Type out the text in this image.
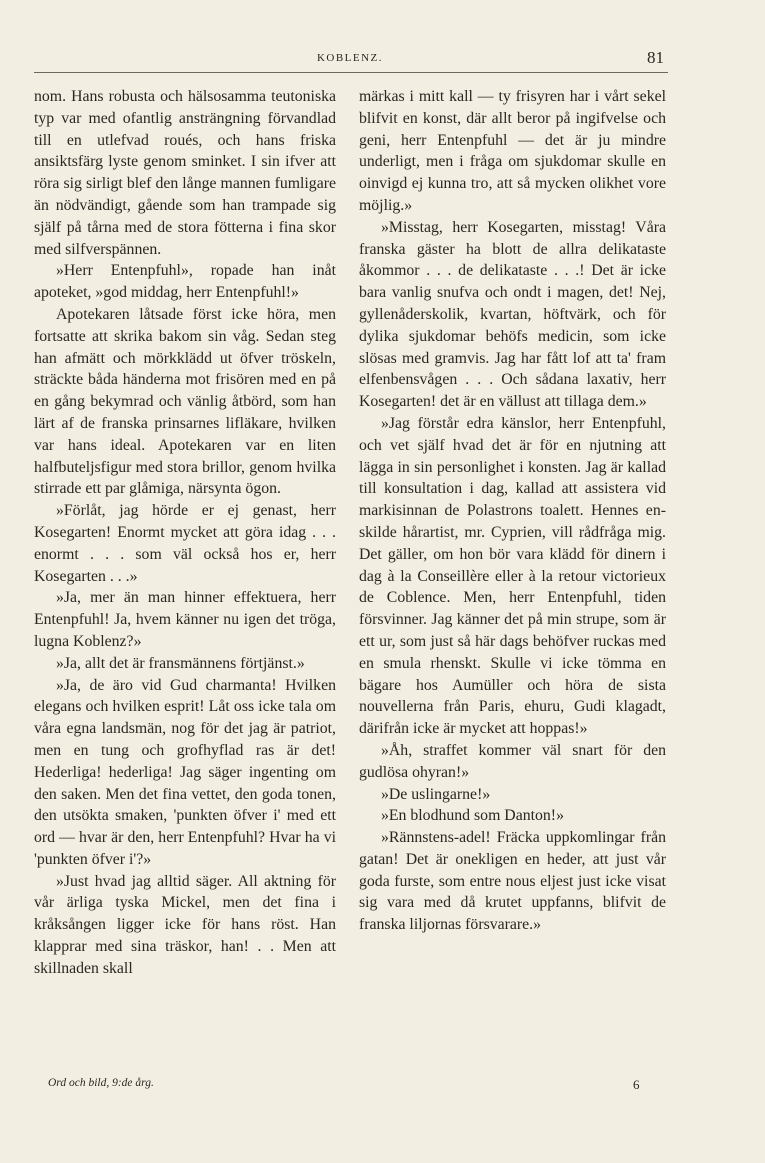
KOBLENZ.	81

nom. Hans robusta och hälsosamma teutoniska typ var med ofantlig ansträngning förvandlad till en utlefvad roués, och hans friska ansiktsfärg lyste genom sminket. I sin ifver att röra sig sirligt blef den långe mannen fumligare än nödvändigt, gående som han trampade sig själf på tårna med de stora fötterna i fina skor med silfverspännen.

»Herr Entenpfuhl», ropade han inåt apoteket, »god middag, herr Entenpfuhl!»

Apotekaren låtsade först icke höra, men fortsatte att skrika bakom sin våg. Sedan steg han afmätt och mörkklädd ut öfver tröskeln, sträckte båda händerna mot frisören med en på en gång bekymrad och vänlig åtbörd, som han lärt af de franska prinsarnes lifläkare, hvilken var hans ideal. Apotekaren var en liten halfbuteljsfigur med stora brillor, genom hvilka stirrade ett par glåmiga, närsynta ögon.

»Förlåt, jag hörde er ej genast, herr Kosegarten! Enormt mycket att göra idag . . . enormt . . . som väl också hos er, herr Kosegarten . . .»

»Ja, mer än man hinner effektuera, herr Entenpfuhl! Ja, hvem känner nu igen det tröga, lugna Koblenz?»

»Ja, allt det är fransmännens förtjänst.»

»Ja, de äro vid Gud charmanta! Hvilken elegans och hvilken esprit! Låt oss icke tala om våra egna landsmän, nog för det jag är patriot, men en tung och grofhyflad ras är det! Hederliga! hederliga! Jag säger ingenting om den saken. Men det fina vettet, den goda tonen, den utsökta smaken, 'punkten öfver i' med ett ord — hvar är den, herr Entenpfuhl? Hvar ha vi 'punkten öfver i'?»

»Just hvad jag alltid säger. All aktning för vår ärliga tyska Mickel, men det fina i kråksången ligger icke för hans röst. Han klapprar med sina träskor, han! . . Men att skillnaden skall

märkas i mitt kall — ty frisyren har i vårt sekel blifvit en konst, där allt beror på ingifvelse och geni, herr Entenpfuhl — det är ju mindre underligt, men i fråga om sjukdomar skulle en oinvigd ej kunna tro, att så mycken olikhet vore möjlig.»

»Misstag, herr Kosegarten, misstag! Våra franska gäster ha blott de allra delikataste åkommor . . . de delikataste . . .! Det är icke bara vanlig snufva och ondt i magen, det! Nej, gyllenåderskolik, kvartan, höftvärk, och för dylika sjukdomar behöfs medicin, som icke slösas med gramvis. Jag har fått lof att ta' fram elfenbensvågen . . . Och sådana laxativ, herr Kosegarten! det är en vällust att tillaga dem.»

»Jag förstår edra känslor, herr Entenpfuhl, och vet själf hvad det är för en njutning att lägga in sin personlighet i konsten. Jag är kallad till konsultation i dag, kallad att assistera vid markisinnan de Polastrons toalett. Hennes enskilde hårartist, mr. Cyprien, vill rådfråga mig. Det gäller, om hon bör vara klädd för dinern i dag à la Conseillère eller à la retour victorieux de Coblence. Men, herr Entenpfuhl, tiden försvinner. Jag känner det på min strupe, som är ett ur, som just så här dags behöfver ruckas med en smula rhenskt. Skulle vi icke tömma en bägare hos Aumüller och höra de sista nouvellerna från Paris, ehuru, Gudi klagadt, därifrån icke är mycket att hoppas!»

»Åh, straffet kommer väl snart för den gudlösa ohyran!»

»De uslingarne!»

»En blodhund som Danton!»

»Rännstens-adel! Fräcka uppkomlingar från gatan! Det är onekligen en heder, att just vår goda furste, som entre nous eljest just icke visat sig vara med då krutet uppfanns, blifvit de franska liljornas försvarare.»

Ord och bild, 9:de årg.	6
